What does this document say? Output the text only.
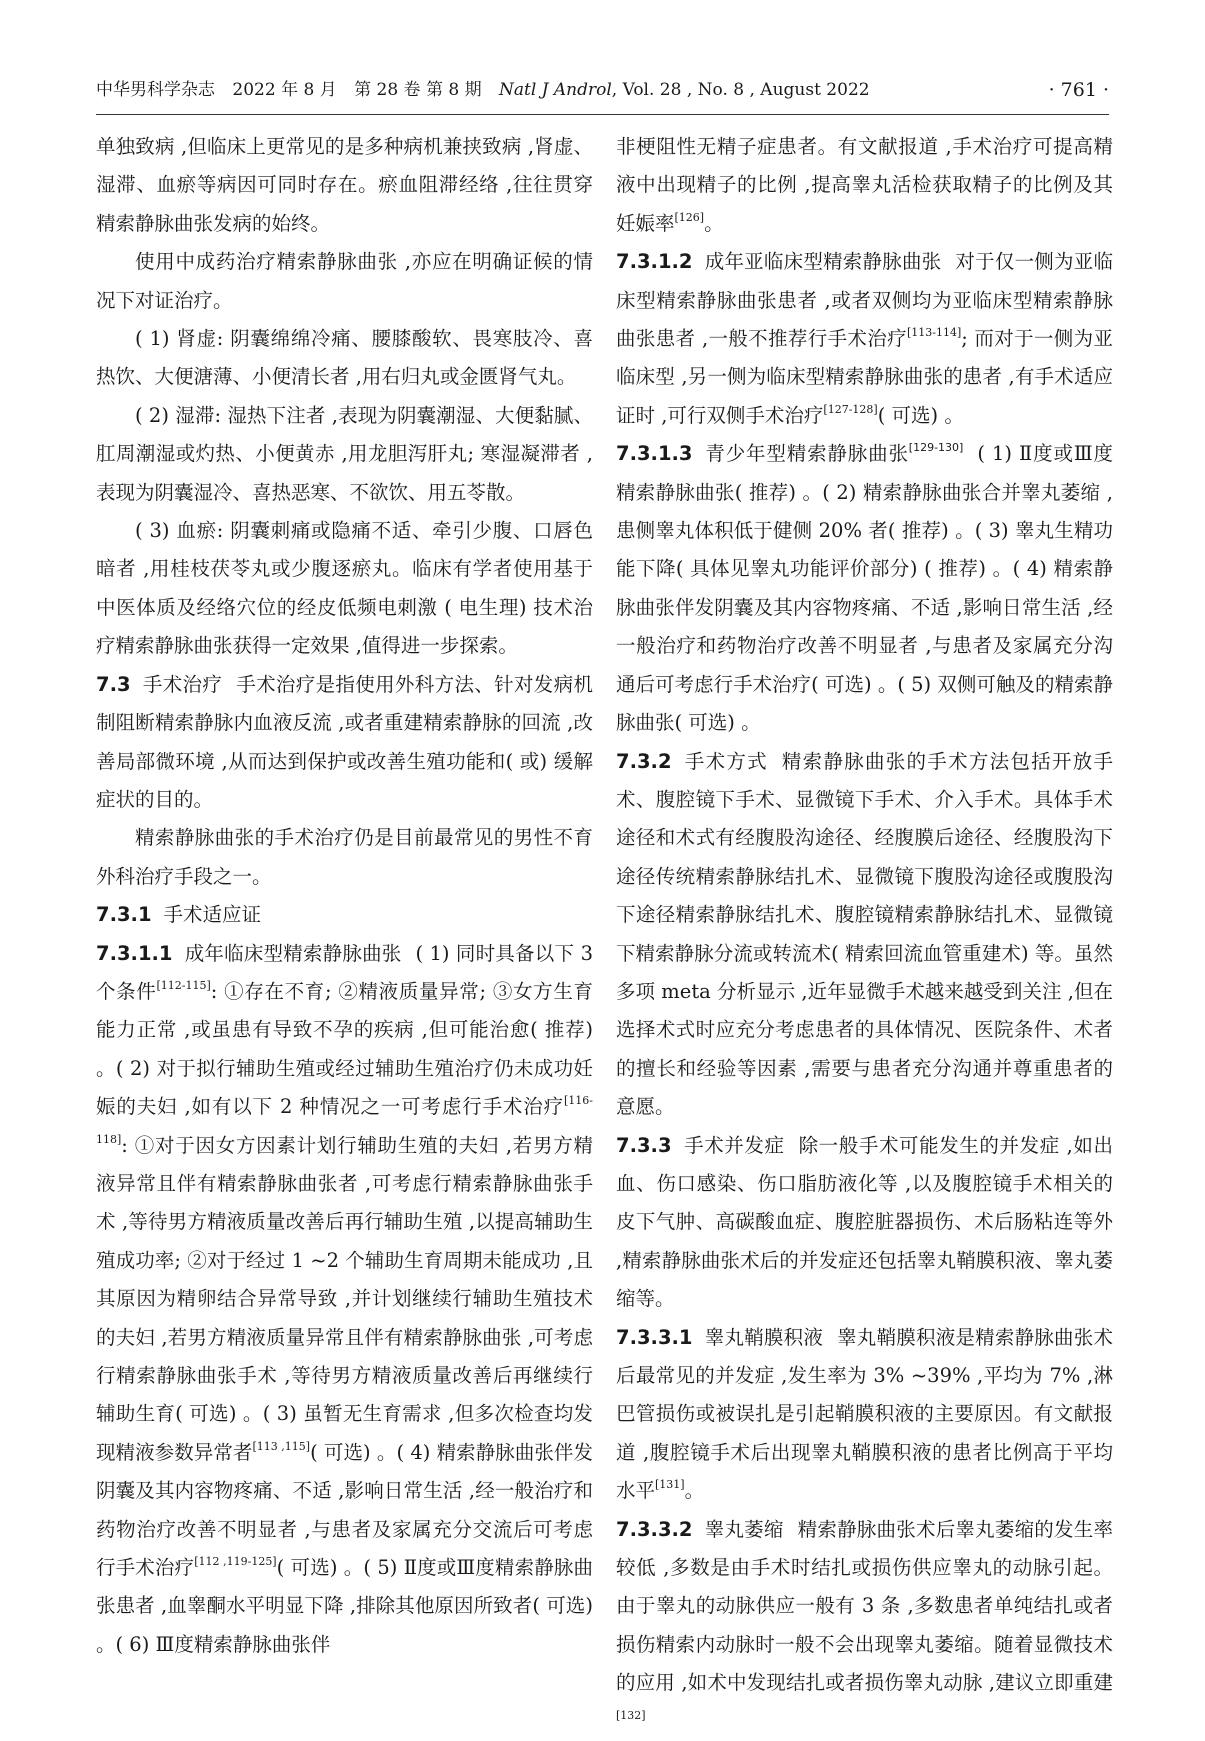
中华男科学杂志 2022 年 8 月 第 28 卷 第 8 期 Natl J Androl, Vol. 28 , No. 8 , August 2022	· 761 ·

单独致病 ,但临床上更常见的是多种病机兼挟致病 ,肾虚、湿滞、血瘀等病因可同时存在。瘀血阻滞经络 ,往往贯穿精索静脉曲张发病的始终。

使用中成药治疗精索静脉曲张 ,亦应在明确证候的情况下对证治疗。

( 1) 肾虚: 阴囊绵绵冷痛、腰膝酸软、畏寒肢冷、喜热饮、大便溏薄、小便清长者 ,用右归丸或金匮肾气丸。

( 2) 湿滞: 湿热下注者 ,表现为阴囊潮湿、大便黏腻、肛周潮湿或灼热、小便黄赤 ,用龙胆泻肝丸; 寒湿凝滞者 ,表现为阴囊湿冷、喜热恶寒、不欲饮、用五苓散。

( 3) 血瘀: 阴囊刺痛或隐痛不适、牵引少腹、口唇色暗者 ,用桂枝茯苓丸或少腹逐瘀丸。临床有学者使用基于中医体质及经络穴位的经皮低频电刺激 ( 电生理) 技术治疗精索静脉曲张获得一定效果 ,值得进一步探索。

7.3 手术治疗 手术治疗是指使用外科方法、针对发病机制阻断精索静脉内血液反流 ,或者重建精索静脉的回流 ,改善局部微环境 ,从而达到保护或改善生殖功能和( 或) 缓解症状的目的。

精索静脉曲张的手术治疗仍是目前最常见的男性不育外科治疗手段之一。

7.3.1 手术适应证

7.3.1.1 成年临床型精索静脉曲张 ( 1) 同时具备以下 3 个条件[112-115]: ①存在不育; ②精液质量异常; ③女方生育能力正常 ,或虽患有导致不孕的疾病 ,但可能治愈( 推荐) 。( 2) 对于拟行辅助生殖或经过辅助生殖治疗仍未成功妊娠的夫妇 ,如有以下 2 种情况之一可考虑行手术治疗[116-118]: ①对于因女方因素计划行辅助生殖的夫妇 ,若男方精液异常且伴有精索静脉曲张者 ,可考虑行精索静脉曲张手术 ,等待男方精液质量改善后再行辅助生殖 ,以提高辅助生殖成功率; ②对于经过 1 ~2 个辅助生育周期未能成功 ,且其原因为精卵结合异常导致 ,并计划继续行辅助生殖技术的夫妇 ,若男方精液质量异常且伴有精索静脉曲张 ,可考虑行精索静脉曲张手术 ,等待男方精液质量改善后再继续行辅助生育( 可选) 。( 3) 虽暂无生育需求 ,但多次检查均发现精液参数异常者[113 ,115]( 可选) 。( 4) 精索静脉曲张伴发阴囊及其内容物疼痛、不适 ,影响日常生活 ,经一般治疗和药物治疗改善不明显者 ,与患者及家属充分交流后可考虑行手术治疗[112 ,119-125]( 可选) 。( 5) Ⅱ度或Ⅲ度精索静脉曲张患者 ,血睾酮水平明显下降 ,排除其他原因所致者( 可选) 。( 6) Ⅲ度精索静脉曲张伴

非梗阻性无精子症患者。有文献报道 ,手术治疗可提高精液中出现精子的比例 ,提高睾丸活检获取精子的比例及其妊娠率[126]。

7.3.1.2 成年亚临床型精索静脉曲张 对于仅一侧为亚临床型精索静脉曲张患者 ,或者双侧均为亚临床型精索静脉曲张患者 ,一般不推荐行手术治疗[113-114]; 而对于一侧为亚临床型 ,另一侧为临床型精索静脉曲张的患者 ,有手术适应证时 ,可行双侧手术治疗[127-128]( 可选) 。

7.3.1.3 青少年型精索静脉曲张[129-130] ( 1) Ⅱ度或Ⅲ度精索静脉曲张( 推荐) 。( 2) 精索静脉曲张合并睾丸萎缩 ,患侧睾丸体积低于健侧 20% 者( 推荐) 。( 3) 睾丸生精功能下降( 具体见睾丸功能评价部分) ( 推荐) 。( 4) 精索静脉曲张伴发阴囊及其内容物疼痛、不适 ,影响日常生活 ,经一般治疗和药物治疗改善不明显者 ,与患者及家属充分沟通后可考虑行手术治疗( 可选) 。( 5) 双侧可触及的精索静脉曲张( 可选) 。

7.3.2 手术方式 精索静脉曲张的手术方法包括开放手术、腹腔镜下手术、显微镜下手术、介入手术。具体手术途径和术式有经腹股沟途径、经腹膜后途径、经腹股沟下途径传统精索静脉结扎术、显微镜下腹股沟途径或腹股沟下途径精索静脉结扎术、腹腔镜精索静脉结扎术、显微镜下精索静脉分流或转流术( 精索回流血管重建术) 等。虽然多项 meta 分析显示 ,近年显微手术越来越受到关注 ,但在选择术式时应充分考虑患者的具体情况、医院条件、术者的擅长和经验等因素 ,需要与患者充分沟通并尊重患者的意愿。

7.3.3 手术并发症 除一般手术可能发生的并发症 ,如出血、伤口感染、伤口脂肪液化等 ,以及腹腔镜手术相关的皮下气肿、高碳酸血症、腹腔脏器损伤、术后肠粘连等外 ,精索静脉曲张术后的并发症还包括睾丸鞘膜积液、睾丸萎缩等。

7.3.3.1 睾丸鞘膜积液 睾丸鞘膜积液是精索静脉曲张术后最常见的并发症 ,发生率为 3% ~39% ,平均为 7% ,淋巴管损伤或被误扎是引起鞘膜积液的主要原因。有文献报道 ,腹腔镜手术后出现睾丸鞘膜积液的患者比例高于平均水平[131]。

7.3.3.2 睾丸萎缩 精索静脉曲张术后睾丸萎缩的发生率较低 ,多数是由手术时结扎或损伤供应睾丸的动脉引起。由于睾丸的动脉供应一般有 3 条 ,多数患者单纯结扎或者损伤精索内动脉时一般不会出现睾丸萎缩。随着显微技术的应用 ,如术中发现结扎或者损伤睾丸动脉 ,建议立即重建[132]
